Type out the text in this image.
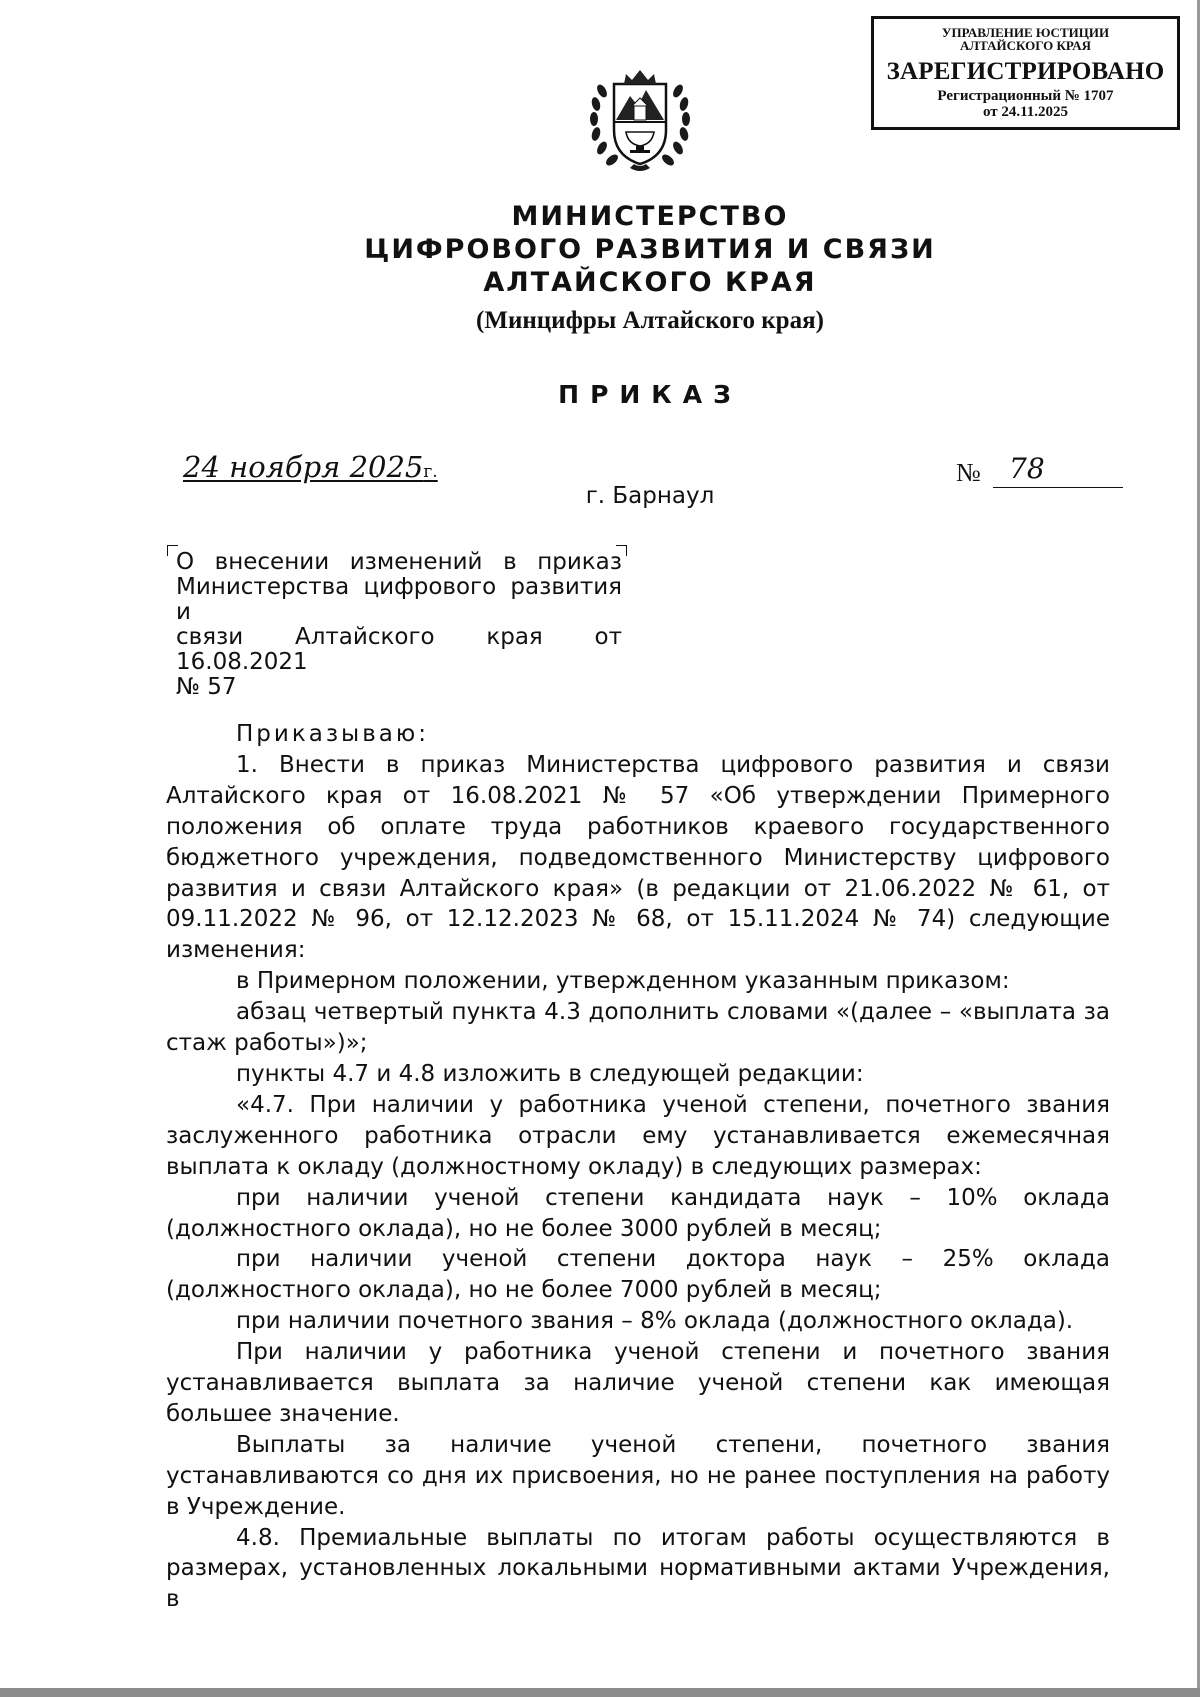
УПРАВЛЕНИЕ ЮСТИЦИИ
АЛТАЙСКОГО КРАЯ
ЗАРЕГИСТРИРОВАНО
Регистрационный № 1707
от 24.11.2025
МИНИСТЕРСТВО
ЦИФРОВОГО РАЗВИТИЯ И СВЯЗИ
АЛТАЙСКОГО КРАЯ
(Минцифры Алтайского края)
ПРИКАЗ
24 ноября 2025г.	№	78
г. Барнаул

О внесении изменений в приказ

Министерства цифрового развития и

связи Алтайского края от 16.08.2021

№ 57

Приказываю:

1. Внести в приказ Министерства цифрового развития и связи Алтайского края от 16.08.2021 № 57 «Об утверждении Примерного положения об оплате труда работников краевого государственного бюджетного учреждения, подведомственного Министерству цифрового развития и связи Алтайского края» (в редакции от 21.06.2022 № 61, от 09.11.2022 № 96, от 12.12.2023 № 68, от 15.11.2024 № 74) следующие изменения:

в Примерном положении, утвержденном указанным приказом:

абзац четвертый пункта 4.3 дополнить словами «(далее – «выплата за стаж работы»)»;

пункты 4.7 и 4.8 изложить в следующей редакции:

«4.7. При наличии у работника ученой степени, почетного звания заслуженного работника отрасли ему устанавливается ежемесячная выплата к окладу (должностному окладу) в следующих размерах:

при наличии ученой степени кандидата наук – 10% оклада (должностного оклада), но не более 3000 рублей в месяц;

при наличии ученой степени доктора наук – 25% оклада (должностного оклада), но не более 7000 рублей в месяц;

при наличии почетного звания – 8% оклада (должностного оклада).

При наличии у работника ученой степени и почетного звания устанавливается выплата за наличие ученой степени как имеющая большее значение.

Выплаты за наличие ученой степени, почетного звания устанавливаются со дня их присвоения, но не ранее поступления на работу в Учреждение.

4.8. Премиальные выплаты по итогам работы осуществляются в размерах, установленных локальными нормативными актами Учреждения, в
